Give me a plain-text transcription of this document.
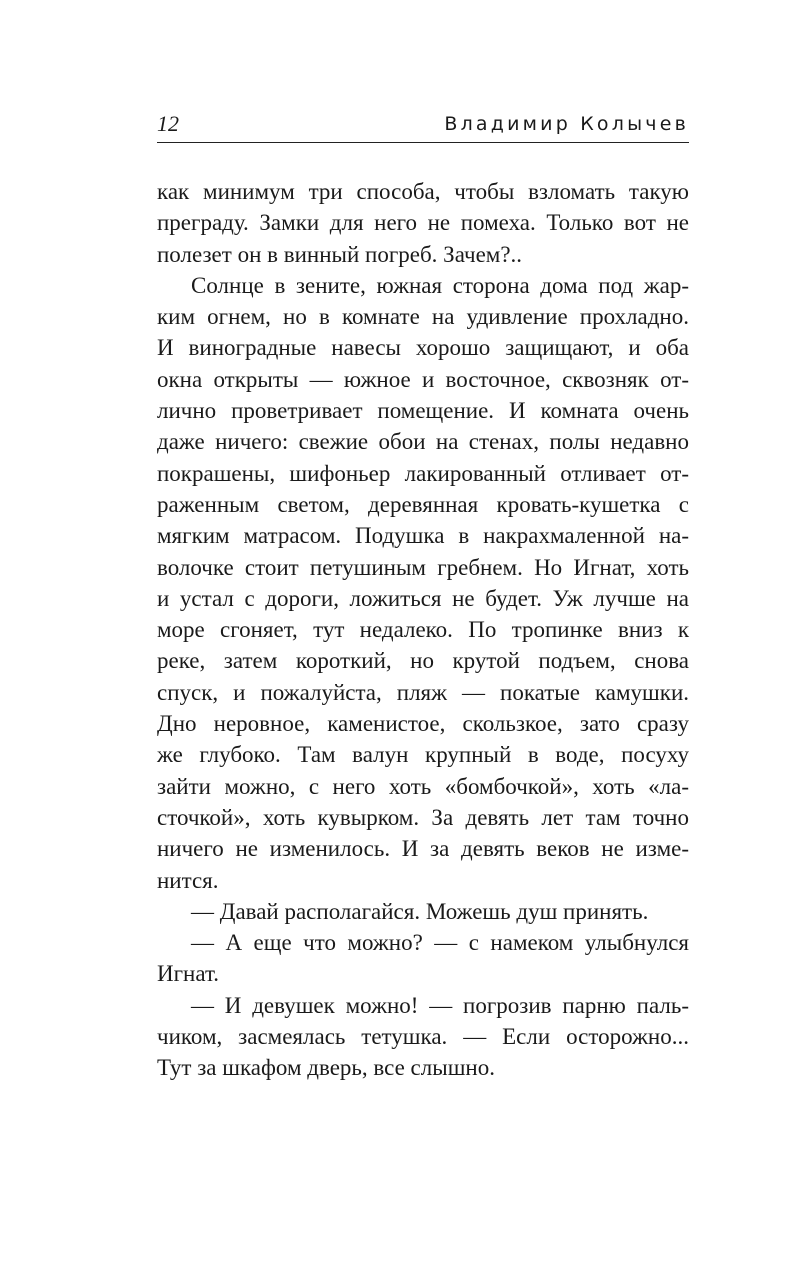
12	Владимир Колычев
как минимум три способа, чтобы взломать такую
преграду. Замки для него не помеха. Только вот не
полезет он в винный погреб. Зачем?..
Солнце в зените, южная сторона дома под жар-
ким огнем, но в комнате на удивление прохладно.
И виноградные навесы хорошо защищают, и оба
окна открыты — южное и восточное, сквозняк от-
лично проветривает помещение. И комната очень
даже ничего: свежие обои на стенах, полы недавно
покрашены, шифоньер лакированный отливает от-
раженным светом, деревянная кровать-кушетка с
мягким матрасом. Подушка в накрахмаленной на-
волочке стоит петушиным гребнем. Но Игнат, хоть
и устал с дороги, ложиться не будет. Уж лучше на
море сгоняет, тут недалеко. По тропинке вниз к
реке, затем короткий, но крутой подъем, снова
спуск, и пожалуйста, пляж — покатые камушки.
Дно неровное, каменистое, скользкое, зато сразу
же глубоко. Там валун крупный в воде, посуху
зайти можно, с него хоть «бомбочкой», хоть «ла-
сточкой», хоть кувырком. За девять лет там точно
ничего не изменилось. И за девять веков не изме-
нится.
— Давай располагайся. Можешь душ принять.
— А еще что можно? — с намеком улыбнулся
Игнат.
— И девушек можно! — погрозив парню паль-
чиком, засмеялась тетушка. — Если осторожно...
Тут за шкафом дверь, все слышно.
